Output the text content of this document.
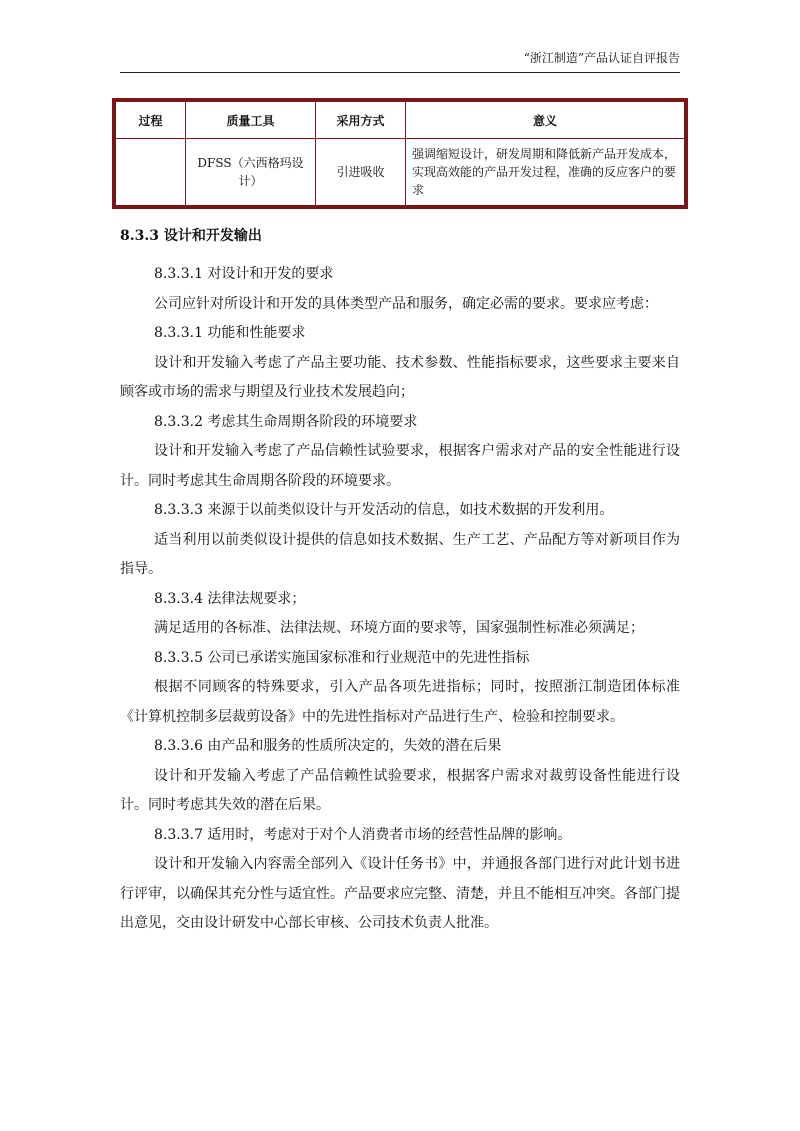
“浙江制造”产品认证自评报告
过程	质量工具	采用方式	意义
	DFSS（六西格玛设计）	引进吸收	强调缩短设计，研发周期和降低新产品开发成本，实现高效能的产品开发过程，准确的反应客户的要求
8.3.3 设计和开发输出

8.3.3.1 对设计和开发的要求

公司应针对所设计和开发的具体类型产品和服务，确定必需的要求。要求应考虑：

8.3.3.1 功能和性能要求

设计和开发输入考虑了产品主要功能、技术参数、性能指标要求，这些要求主要来自顾客或市场的需求与期望及行业技术发展趋向；

8.3.3.2 考虑其生命周期各阶段的环境要求

设计和开发输入考虑了产品信赖性试验要求，根据客户需求对产品的安全性能进行设计。同时考虑其生命周期各阶段的环境要求。

8.3.3.3 来源于以前类似设计与开发活动的信息，如技术数据的开发利用。

适当利用以前类似设计提供的信息如技术数据、生产工艺、产品配方等对新项目作为指导。

8.3.3.4 法律法规要求；

满足适用的各标准、法律法规、环境方面的要求等，国家强制性标准必须满足；

8.3.3.5 公司已承诺实施国家标准和行业规范中的先进性指标

根据不同顾客的特殊要求，引入产品各项先进指标；同时，按照浙江制造团体标准《计算机控制多层裁剪设备》中的先进性指标对产品进行生产、检验和控制要求。

8.3.3.6 由产品和服务的性质所决定的，失效的潜在后果

设计和开发输入考虑了产品信赖性试验要求，根据客户需求对裁剪设备性能进行设计。同时考虑其失效的潜在后果。

8.3.3.7 适用时，考虑对于对个人消费者市场的经营性品牌的影响。

设计和开发输入内容需全部列入《设计任务书》中，并通报各部门进行对此计划书进行评审，以确保其充分性与适宜性。产品要求应完整、清楚，并且不能相互冲突。各部门提出意见，交由设计研发中心部长审核、公司技术负责人批准。
